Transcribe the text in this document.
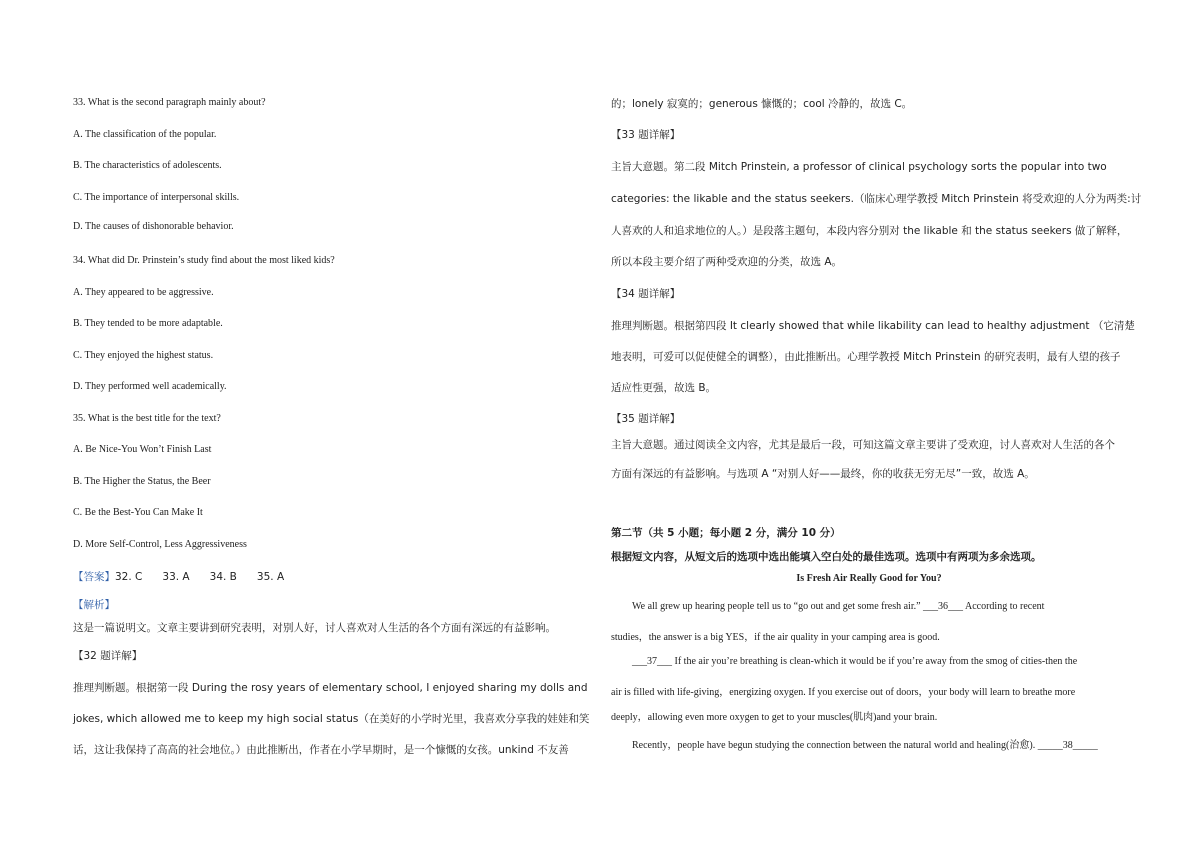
33. What is the second paragraph mainly about?
A. The classification of the popular.
B. The characteristics of adolescents.
C. The importance of interpersonal skills.
D. The causes of dishonorable behavior.
34. What did Dr. Prinstein’s study find about the most liked kids?
A. They appeared to be aggressive.
B. They tended to be more adaptable.
C. They enjoyed the highest status.
D. They performed well academically.
35. What is the best title for the text?
A. Be Nice-You Won’t Finish Last
B. The Higher the Status, the Beer
C. Be the Best-You Can Make It
D. More Self-Control, Less Aggressiveness
【答案】32. C      33. A      34. B      35. A
【解析】
这是一篇说明文。文章主要讲到研究表明，对别人好，讨人喜欢对人生活的各个方面有深远的有益影响。
【32 题详解】
推理判断题。根据第一段 During the rosy years of elementary school, I enjoyed sharing my dolls and
jokes, which allowed me to keep my high social status（在美好的小学时光里，我喜欢分享我的娃娃和笑
话，这让我保持了高高的社会地位。）由此推断出，作者在小学早期时，是一个慷慨的女孩。unkind 不友善
的；lonely 寂寞的；generous 慷慨的；cool 冷静的，故选 C。
【33 题详解】
主旨大意题。第二段 Mitch Prinstein, a professor of clinical psychology sorts the popular into two
categories: the likable and the status seekers.（临床心理学教授 Mitch Prinstein 将受欢迎的人分为两类:讨
人喜欢的人和追求地位的人。）是段落主题句，本段内容分别对 the likable 和 the status seekers 做了解释，
所以本段主要介绍了两种受欢迎的分类，故选 A。
【34 题详解】
推理判断题。根据第四段 It clearly showed that while likability can lead to healthy adjustment （它清楚
地表明，可爱可以促使健全的调整），由此推断出。心理学教授 Mitch Prinstein 的研究表明，最有人望的孩子
适应性更强，故选 B。
【35 题详解】
主旨大意题。通过阅读全文内容，尤其是最后一段，可知这篇文章主要讲了受欢迎，讨人喜欢对人生活的各个
方面有深远的有益影响。与选项 A “对别人好——最终，你的收获无穷无尽”一致，故选 A。
第二节（共 5 小题；每小题 2 分，满分 10 分）
根据短文内容，从短文后的选项中选出能填入空白处的最佳选项。选项中有两项为多余选项。
Is Fresh Air Really Good for You?
We all grew up hearing people tell us to “go out and get some fresh air.” ___36___ According to recent
studies，the answer is a big YES，if the air quality in your camping area is good.
___37___ If the air you’re breathing is clean-which it would be if you’re away from the smog of cities-then the
air is filled with life-giving，energizing oxygen. If you exercise out of doors，your body will learn to breathe more
deeply，allowing even more oxygen to get to your muscles(肌肉)and your brain.
Recently，people have begun studying the connection between the natural world and healing(治愈). _____38_____
